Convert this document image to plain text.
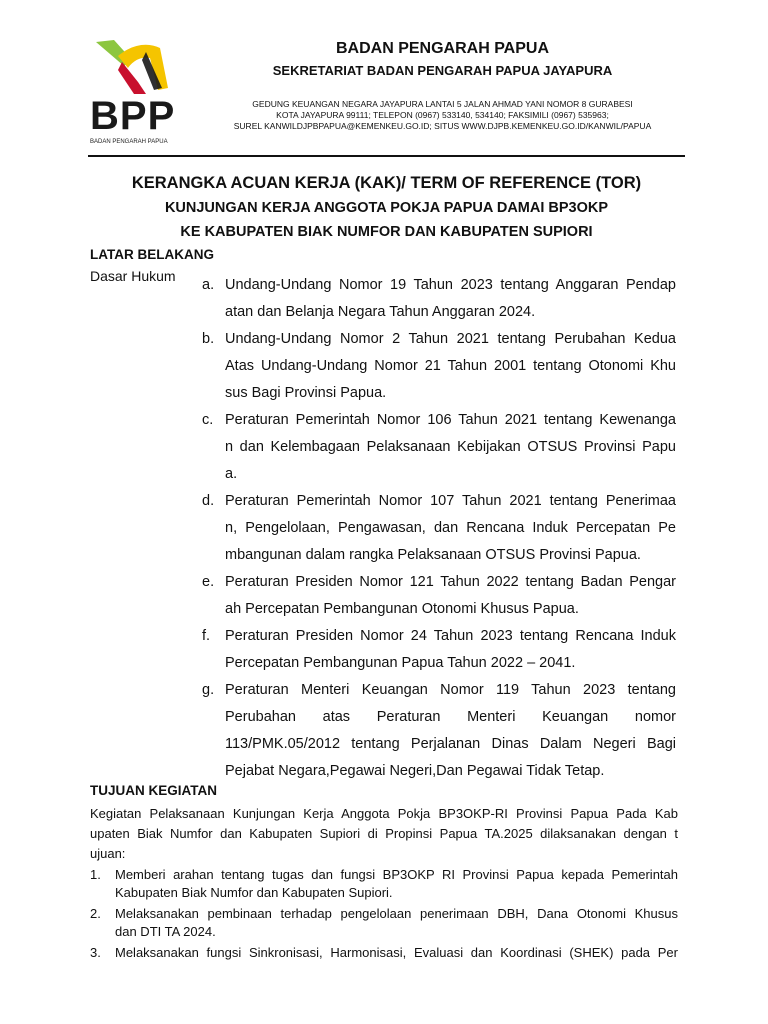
BPP
BADAN PENGARAH PAPUA
BADAN PENGARAH PAPUA
SEKRETARIAT BADAN PENGARAH PAPUA JAYAPURA
GEDUNG KEUANGAN NEGARA JAYAPURA LANTAI 5 JALAN AHMAD YANI NOMOR 8 GURABESI
KOTA JAYAPURA 99111; TELEPON (0967) 533140, 534140; FAKSIMILI (0967) 535963;
SUREL KANWILDJPBPAPUA@KEMENKEU.GO.ID; SITUS WWW.DJPB.KEMENKEU.GO.ID/KANWIL/PAPUA
KERANGKA ACUAN KERJA (KAK)/ TERM OF REFERENCE (TOR)
KUNJUNGAN KERJA ANGGOTA POKJA PAPUA DAMAI BP3OKP
KE KABUPATEN BIAK NUMFOR DAN KABUPATEN SUPIORI
LATAR BELAKANG
Dasar Hukum
a. Undang-Undang Nomor 19 Tahun 2023 tentang Anggaran Pendap
atan dan Belanja Negara Tahun Anggaran 2024.
b. Undang-Undang Nomor 2 Tahun 2021 tentang Perubahan Kedua
Atas Undang-Undang Nomor 21 Tahun 2001 tentang Otonomi Khu
sus Bagi Provinsi Papua.
c. Peraturan Pemerintah Nomor 106 Tahun 2021 tentang Kewenanga
n dan Kelembagaan Pelaksanaan Kebijakan OTSUS Provinsi Papu
a.
d. Peraturan Pemerintah Nomor 107 Tahun 2021 tentang Penerimaa
n, Pengelolaan, Pengawasan, dan Rencana Induk Percepatan Pe
mbangunan dalam rangka Pelaksanaan OTSUS Provinsi Papua.
e. Peraturan Presiden Nomor 121 Tahun 2022 tentang Badan Pengar
ah Percepatan Pembangunan Otonomi Khusus Papua.
f. Peraturan Presiden Nomor 24 Tahun 2023 tentang Rencana Induk
Percepatan Pembangunan Papua Tahun 2022 – 2041.
g. Peraturan Menteri Keuangan Nomor 119 Tahun 2023 tentang
Perubahan atas Peraturan Menteri Keuangan nomor
113/PMK.05/2012 tentang Perjalanan Dinas Dalam Negeri Bagi
Pejabat Negara,Pegawai Negeri,Dan Pegawai Tidak Tetap.
TUJUAN KEGIATAN
Kegiatan Pelaksanaan Kunjungan Kerja Anggota Pokja BP3OKP-RI Provinsi Papua Pada Kab
upaten Biak Numfor dan Kabupaten Supiori di Propinsi Papua TA.2025 dilaksanakan dengan t
ujuan:
1. Memberi arahan tentang tugas dan fungsi BP3OKP RI Provinsi Papua kepada Pemerintah
Kabupaten Biak Numfor dan Kabupaten Supiori.
2. Melaksanakan pembinaan terhadap pengelolaan penerimaan DBH, Dana Otonomi Khusus
dan DTI TA 2024.
3. Melaksanakan fungsi Sinkronisasi, Harmonisasi, Evaluasi dan Koordinasi (SHEK) pada Per
